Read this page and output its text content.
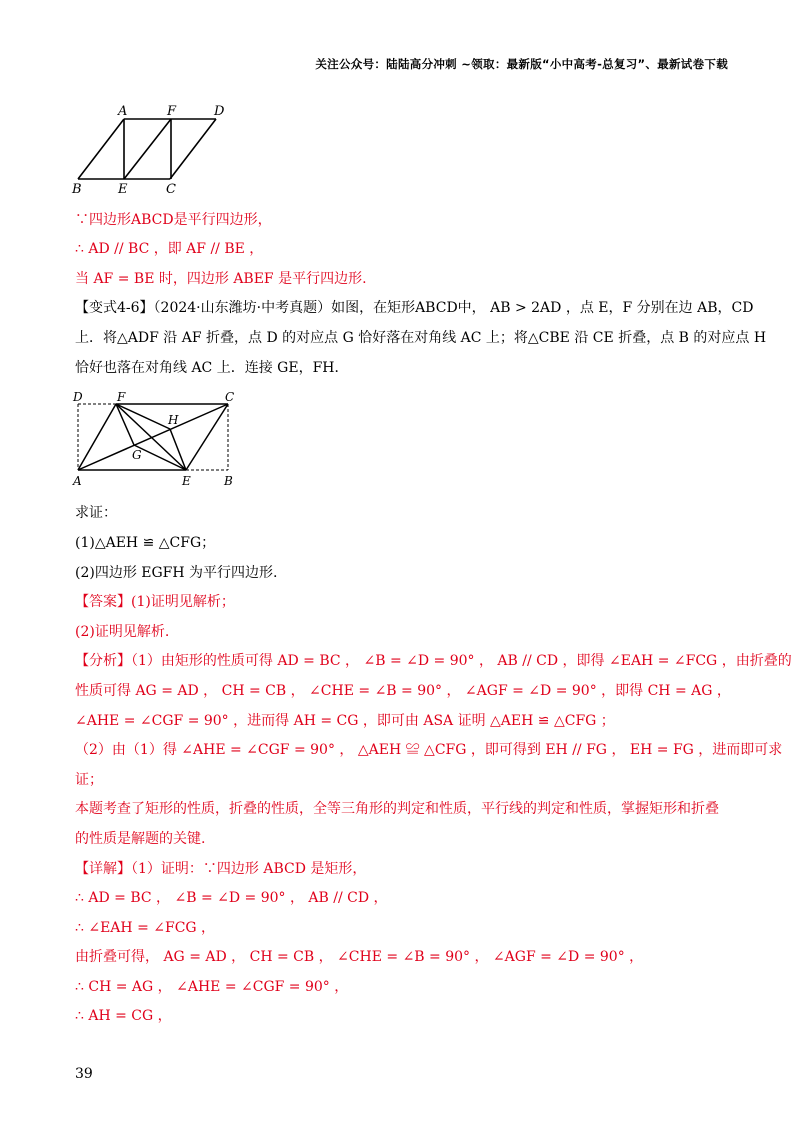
关注公众号：陆陆高分冲刺 ~领取：最新版“小中高考-总复习”、最新试卷下载
A	F	D
B	E	C
∵四边形ABCD是平行四边形，
∴ AD // BC ，即 AF // BE ，
当 AF = BE 时，四边形 ABEF 是平行四边形.
【变式4-6】（2024·山东潍坊·中考真题）如图，在矩形ABCD中， AB > 2AD ，点 E，F 分别在边 AB，CD
上．将△ADF 沿 AF 折叠，点 D 的对应点 G 恰好落在对角线 AC 上；将△CBE 沿 CE 折叠，点 B 的对应点 H
恰好也落在对角线 AC 上．连接 GE，FH．
D	F	C
H
G
A	E	B
求证：
(1)△AEH ≌ △CFG；
(2)四边形 EGFH 为平行四边形.
【答案】(1)证明见解析；
(2)证明见解析.
【分析】（1）由矩形的性质可得 AD = BC ， ∠B = ∠D = 90° ， AB // CD ，即得 ∠EAH = ∠FCG ，由折叠的
性质可得 AG = AD ， CH = CB ， ∠CHE = ∠B = 90° ， ∠AGF = ∠D = 90° ，即得 CH = AG ，
∠AHE = ∠CGF = 90° ，进而得 AH = CG ，即可由 ASA 证明 △AEH ≌ △CFG ；
（2）由（1）得 ∠AHE = ∠CGF = 90° ， △AEH ≌ △CFG ，即可得到 EH // FG ， EH = FG ，进而即可求
证；
本题考查了矩形的性质，折叠的性质，全等三角形的判定和性质，平行线的判定和性质，掌握矩形和折叠
的性质是解题的关键.
【详解】（1）证明：∵四边形 ABCD 是矩形，
∴ AD = BC ， ∠B = ∠D = 90° ， AB // CD ，
∴ ∠EAH = ∠FCG ，
由折叠可得， AG = AD ， CH = CB ， ∠CHE = ∠B = 90° ， ∠AGF = ∠D = 90° ，
∴ CH = AG ， ∠AHE = ∠CGF = 90° ，
∴ AH = CG ，
39
